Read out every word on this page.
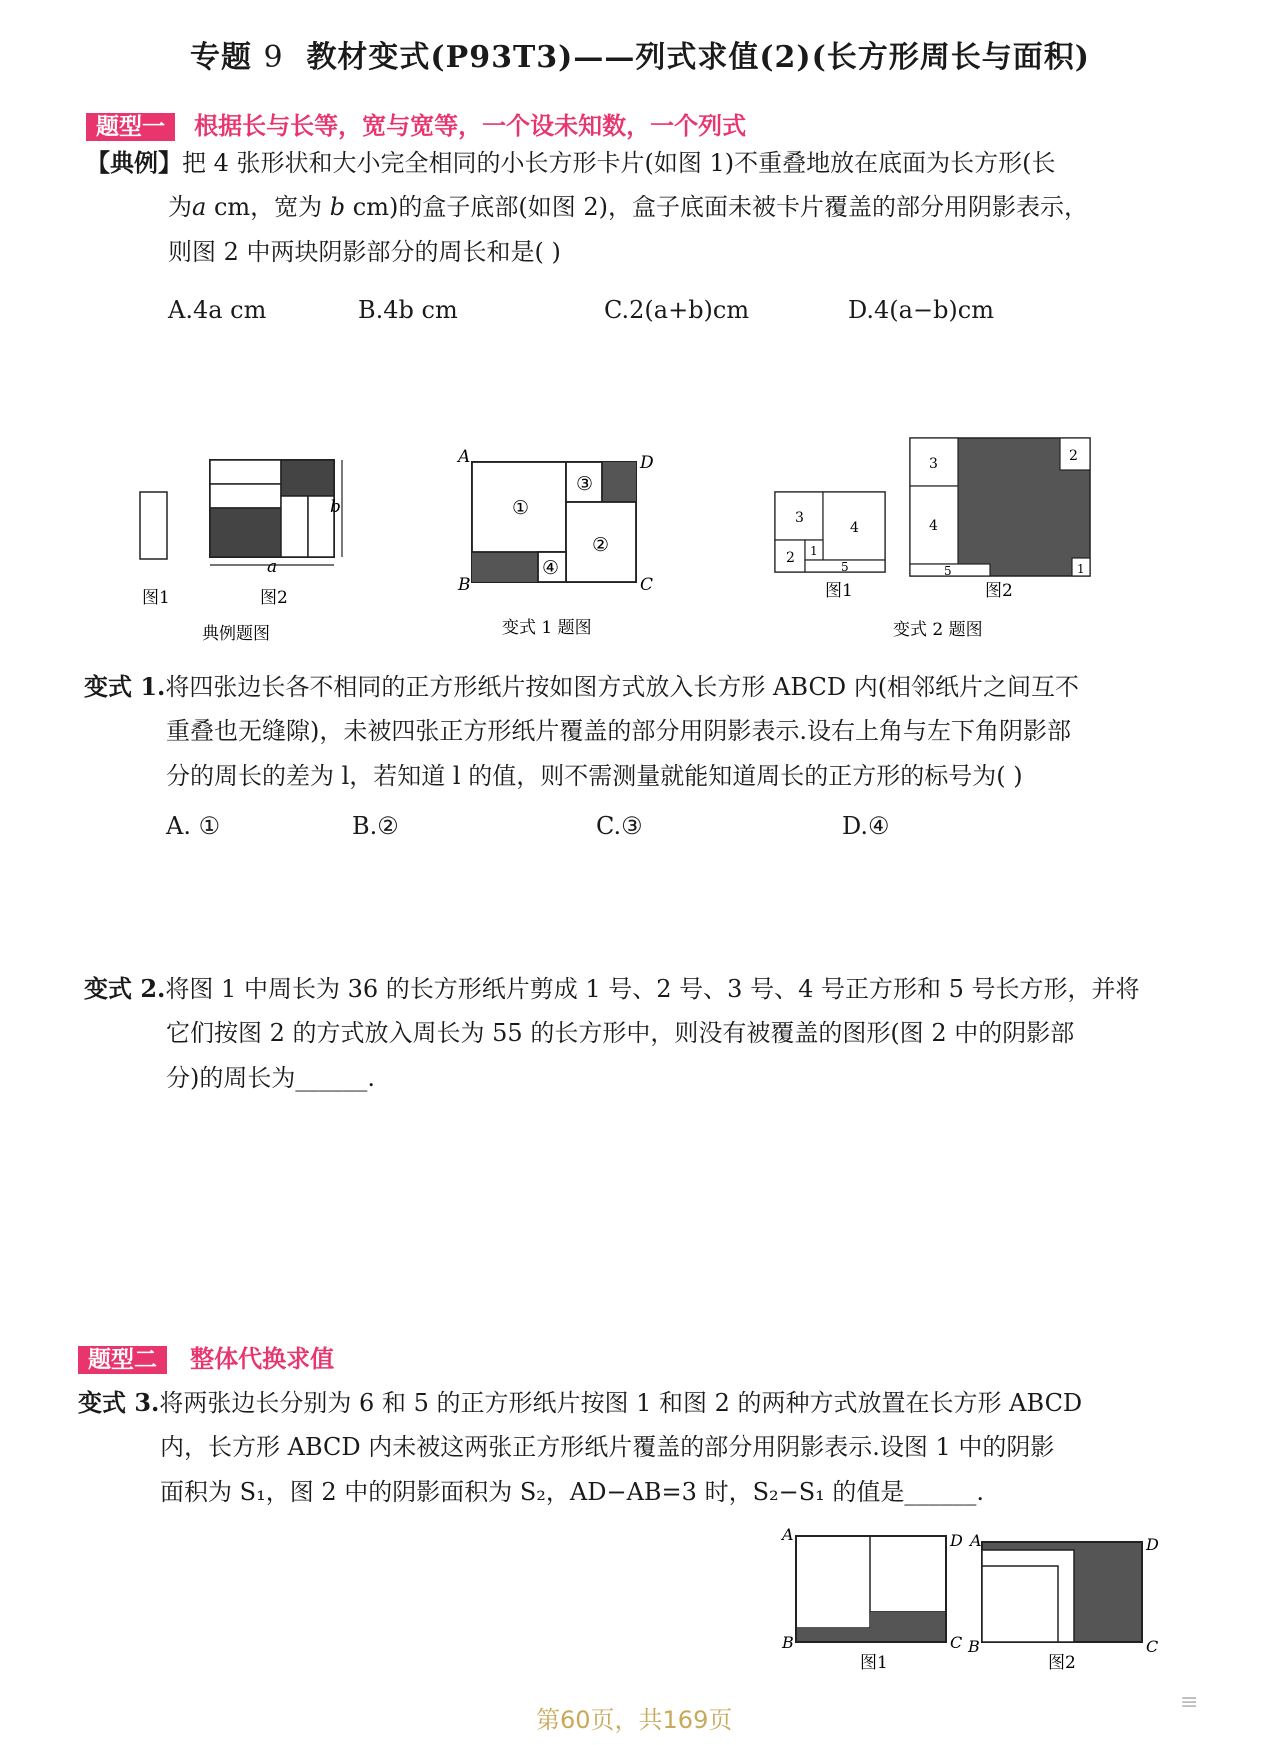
专题 9 教材变式(P93T3)——列式求值(2)(长方形周长与面积)
题型一 根据长与长等，宽与宽等，一个设未知数，一个列式
【典例】把 4 张形状和大小完全相同的小长方形卡片(如图 1)不重叠地放在底面为长方形(长
为a cm，宽为 b cm)的盒子底部(如图 2)，盒子底面未被卡片覆盖的部分用阴影表示，
则图 2 中两块阴影部分的周长和是( )
A.4a cm	B.4b cm	C.2(a+b)cm	D.4(a−b)cm
图1
b
a
图2
典例题图
①
③
②
④
A	D
B	C
变式 1 题图
3
4
2 1
5
图1
3	2
4
5	1
图2
变式 2 题图
变式 1.将四张边长各不相同的正方形纸片按如图方式放入长方形 ABCD 内(相邻纸片之间互不
重叠也无缝隙)，未被四张正方形纸片覆盖的部分用阴影表示.设右上角与左下角阴影部
分的周长的差为 l，若知道 l 的值，则不需测量就能知道周长的正方形的标号为( )
A. ①	B.②	C.③	D.④
变式 2.将图 1 中周长为 36 的长方形纸片剪成 1 号、2 号、3 号、4 号正方形和 5 号长方形，并将
它们按图 2 的方式放入周长为 55 的长方形中，则没有被覆盖的图形(图 2 中的阴影部
分)的周长为______.
题型二 整体代换求值
变式 3.将两张边长分别为 6 和 5 的正方形纸片按图 1 和图 2 的两种方式放置在长方形 ABCD
内，长方形 ABCD 内未被这两张正方形纸片覆盖的部分用阴影表示.设图 1 中的阴影
面积为 S₁，图 2 中的阴影面积为 S₂，AD−AB=3 时，S₂−S₁ 的值是______.
A	D
B	C
图1
A	D
B	C
图2
第60页，共169页
≡
